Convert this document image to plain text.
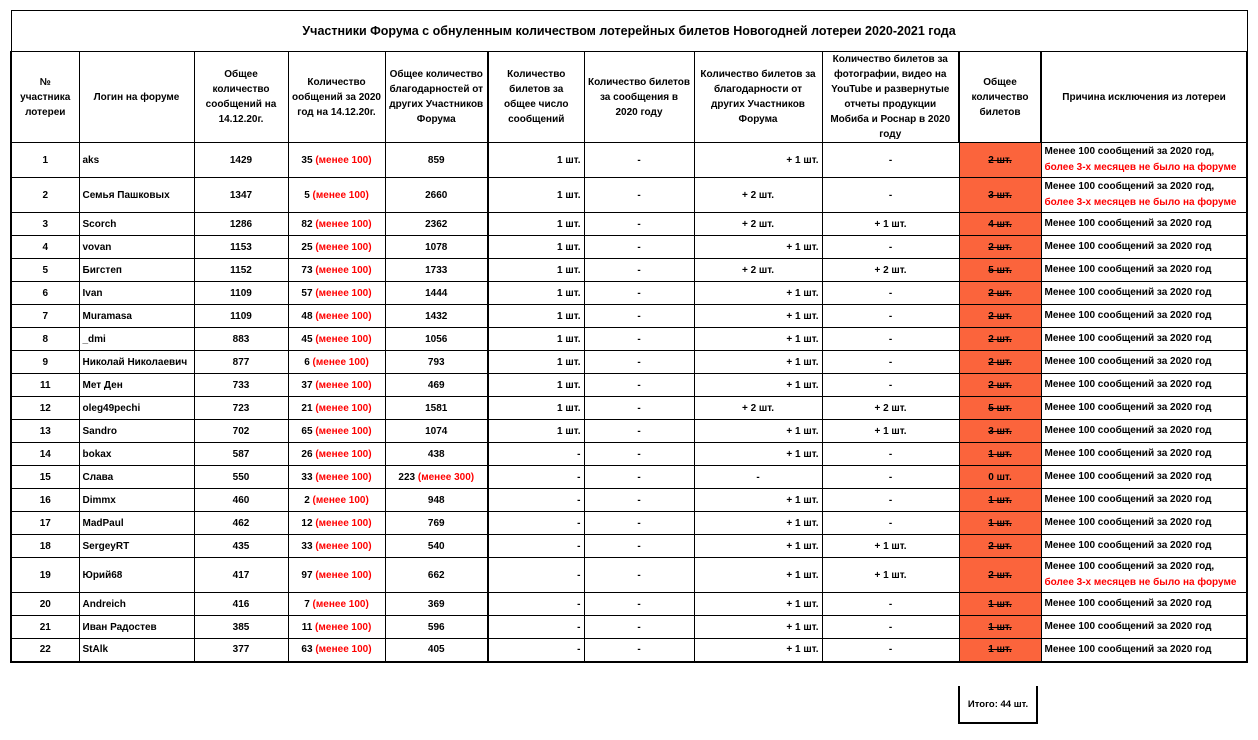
Участники Форума с обнуленным количеством лотерейных билетов Новогодней лотереи 2020-2021 года										
№ участника лотереи	Логин на форуме	Общее количество сообщений на 14.12.20г.	Количество ообщений за 2020 год на 14.12.20г.	Общее количество благодарностей от других Участников Форума	Количество билетов за общее число сообщений	Количество билетов за сообщения в 2020 году	Количество билетов за благодарности от других Участников Форума	Количество билетов за фотографии, видео на YouTube и развернутые отчеты продукции Мобиба и Роснар в 2020 году	Общее количество билетов	Причина исключения из лотереи
1	aks	1429	35 (менее 100)	859	1 шт.	-	+ 1 шт.	-	2 шт.	Менее 100 сообщений за 2020 год,
более 3-х месяцев не было на форуме
2	Семья Пашковых	1347	5 (менее 100)	2660	1 шт.	-	+ 2 шт.	-	3 шт.	Менее 100 сообщений за 2020 год,
более 3-х месяцев не было на форуме
3	Scorch	1286	82 (менее 100)	2362	1 шт.	-	+ 2 шт.	+ 1 шт.	4 шт.	Менее 100 сообщений за 2020 год
4	vovan	1153	25 (менее 100)	1078	1 шт.	-	+ 1 шт.	-	2 шт.	Менее 100 сообщений за 2020 год
5	Бигстеп	1152	73 (менее 100)	1733	1 шт.	-	+ 2 шт.	+ 2 шт.	5 шт.	Менее 100 сообщений за 2020 год
6	Ivan	1109	57 (менее 100)	1444	1 шт.	-	+ 1 шт.	-	2 шт.	Менее 100 сообщений за 2020 год
7	Muramasa	1109	48 (менее 100)	1432	1 шт.	-	+ 1 шт.	-	2 шт.	Менее 100 сообщений за 2020 год
8	_dmi	883	45 (менее 100)	1056	1 шт.	-	+ 1 шт.	-	2 шт.	Менее 100 сообщений за 2020 год
9	Николай Николаевич	877	6 (менее 100)	793	1 шт.	-	+ 1 шт.	-	2 шт.	Менее 100 сообщений за 2020 год
11	Мет Ден	733	37 (менее 100)	469	1 шт.	-	+ 1 шт.	-	2 шт.	Менее 100 сообщений за 2020 год
12	oleg49pechi	723	21 (менее 100)	1581	1 шт.	-	+ 2 шт.	+ 2 шт.	5 шт.	Менее 100 сообщений за 2020 год
13	Sandro	702	65 (менее 100)	1074	1 шт.	-	+ 1 шт.	+ 1 шт.	3 шт.	Менее 100 сообщений за 2020 год
14	bokax	587	26 (менее 100)	438	-	-	+ 1 шт.	-	1 шт.	Менее 100 сообщений за 2020 год
15	Слава	550	33 (менее 100)	223 (менее 300)	-	-	-	-	0 шт.	Менее 100 сообщений за 2020 год
16	Dimmx	460	2 (менее 100)	948	-	-	+ 1 шт.	-	1 шт.	Менее 100 сообщений за 2020 год
17	MadPaul	462	12 (менее 100)	769	-	-	+ 1 шт.	-	1 шт.	Менее 100 сообщений за 2020 год
18	SergeyRT	435	33 (менее 100)	540	-	-	+ 1 шт.	+ 1 шт.	2 шт.	Менее 100 сообщений за 2020 год
19	Юрий68	417	97 (менее 100)	662	-	-	+ 1 шт.	+ 1 шт.	2 шт.	Менее 100 сообщений за 2020 год,
более 3-х месяцев не было на форуме
20	Andreich	416	7 (менее 100)	369	-	-	+ 1 шт.	-	1 шт.	Менее 100 сообщений за 2020 год
21	Иван Радостев	385	11 (менее 100)	596	-	-	+ 1 шт.	-	1 шт.	Менее 100 сообщений за 2020 год
22	StAlk	377	63 (менее 100)	405	-	-	+ 1 шт.	-	1 шт.	Менее 100 сообщений за 2020 год
Итого: 44 шт.
